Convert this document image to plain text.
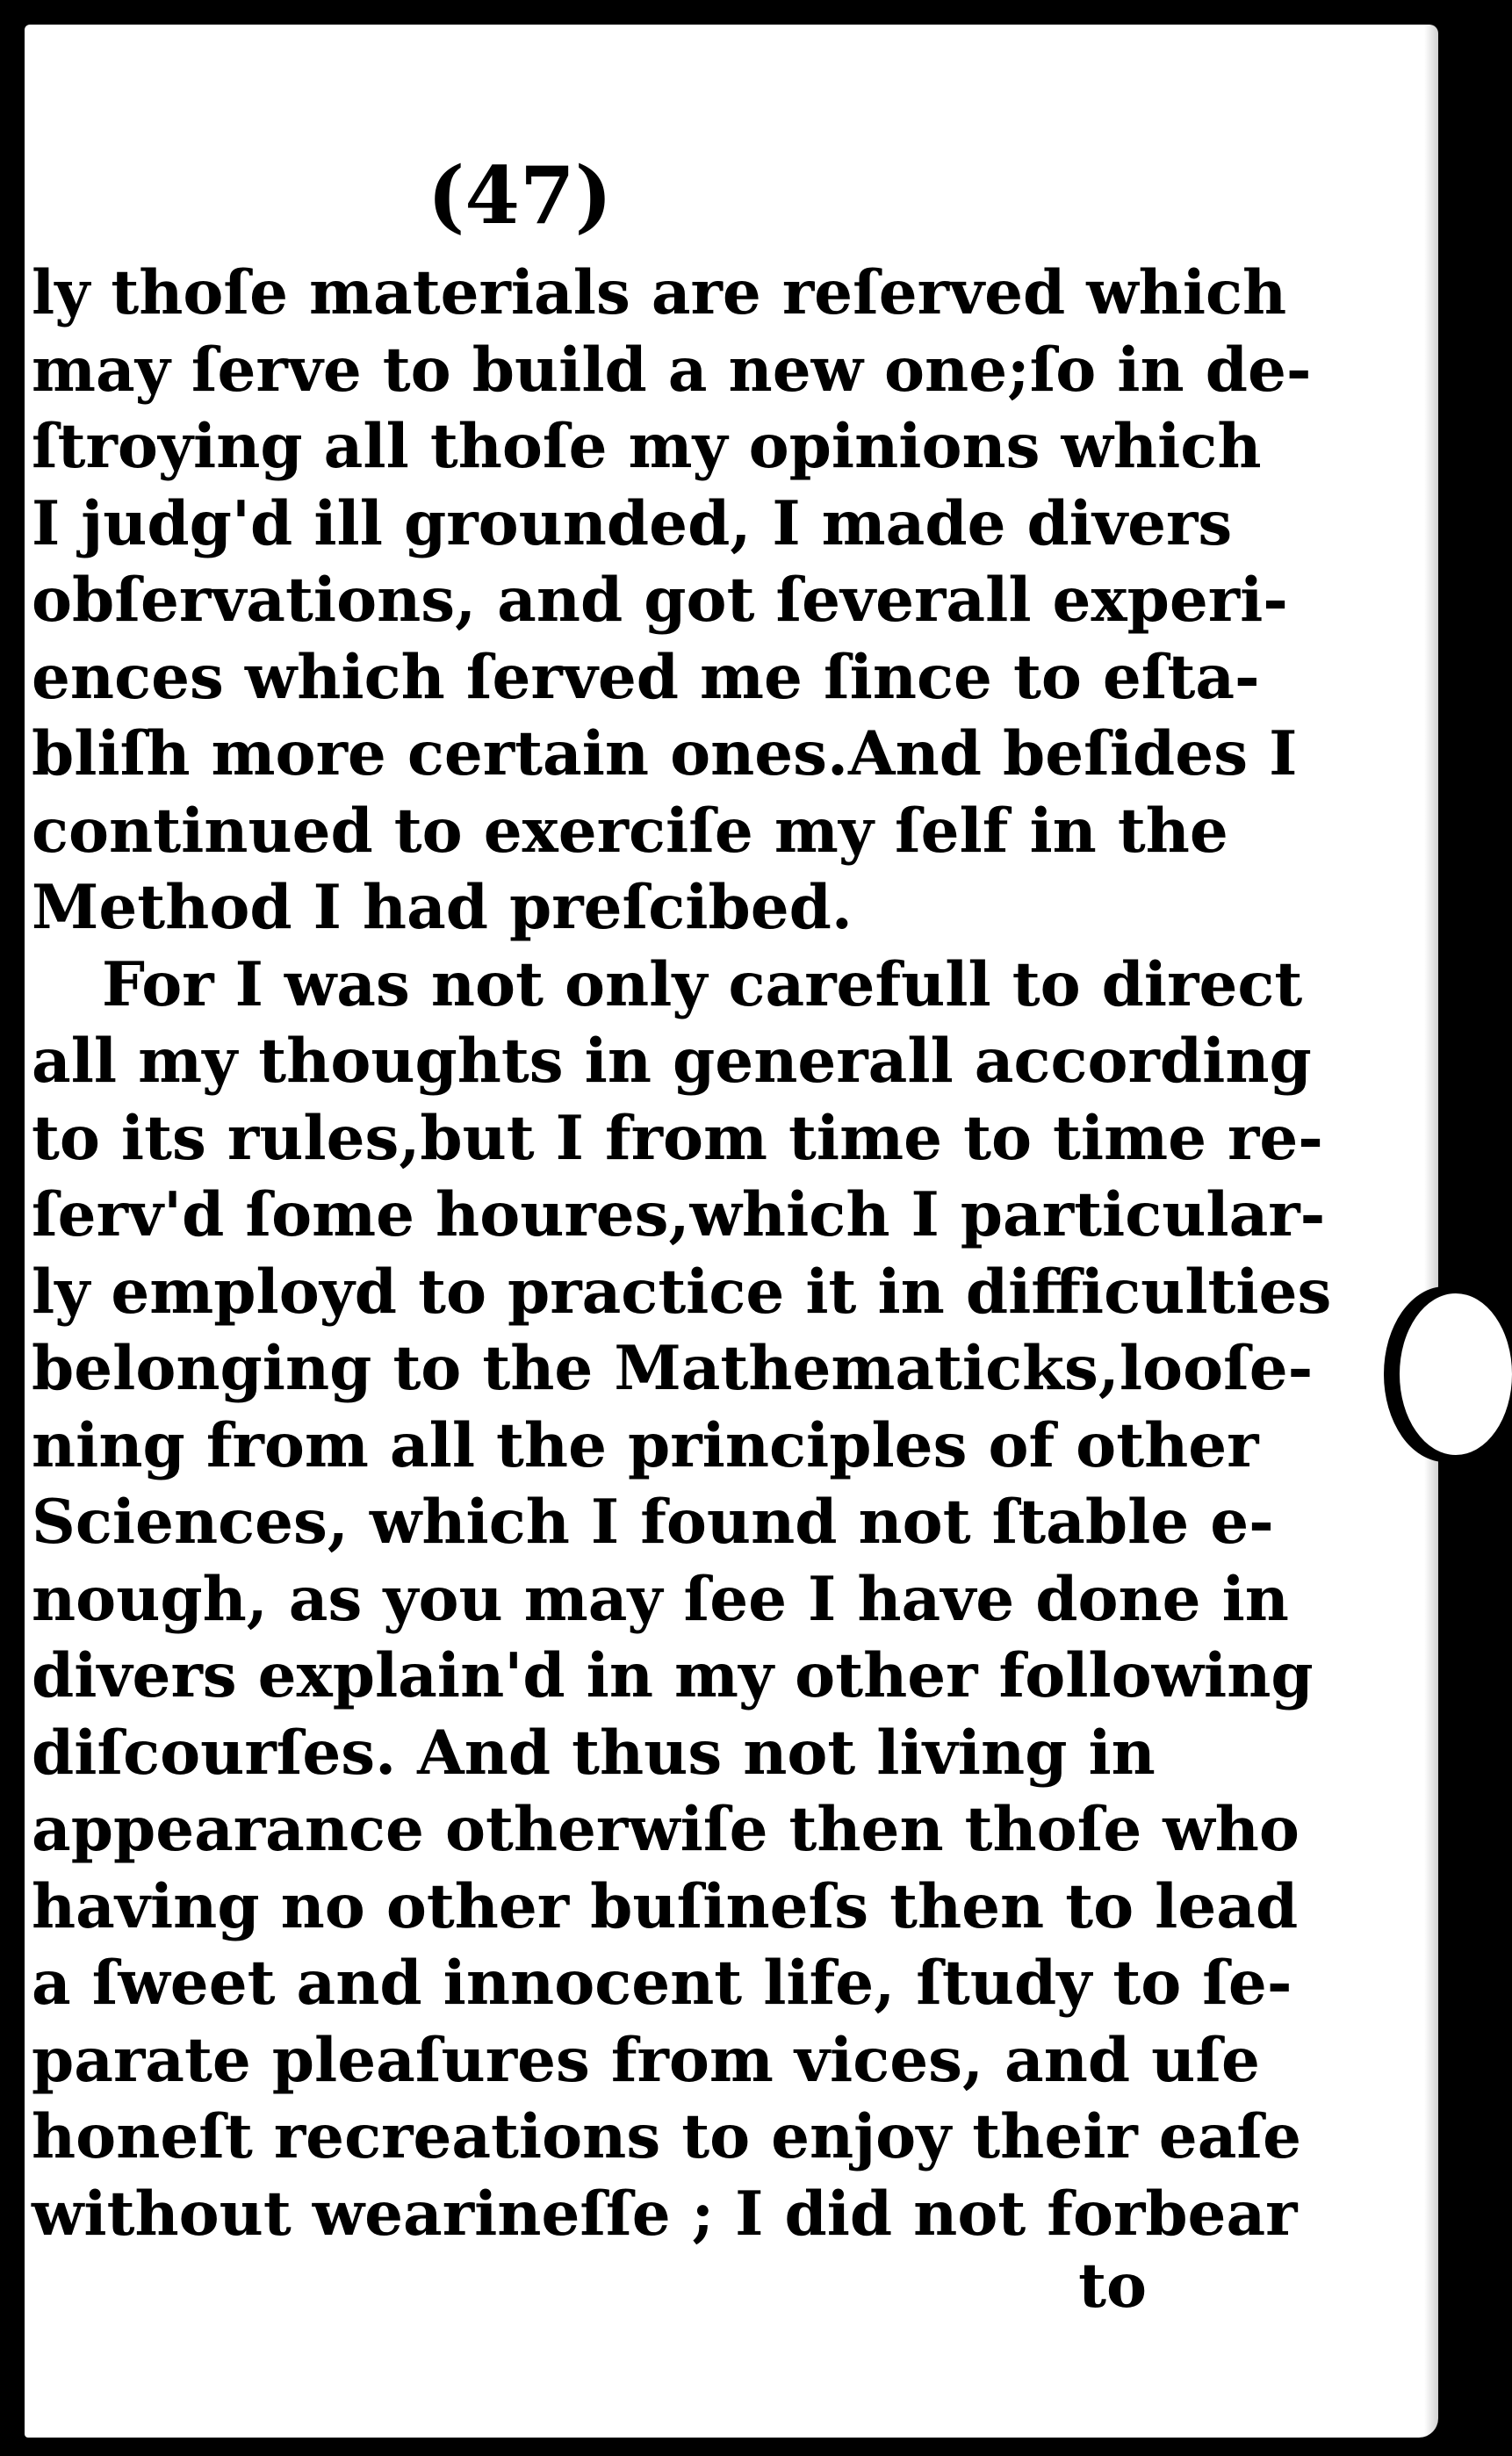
(47)
ly thoſe materials are reſerved which
may ſerve to build a new one;ſo in de-
ſtroying all thoſe my opinions which
I judg'd ill grounded, I made divers
obſervations, and got ſeverall experi-
ences which ſerved me ſince to eſta-
bliſh more certain ones.And beſides I
continued to exerciſe my ſelf in the
Method I had preſcibed.
For I was not only carefull to direct
all my thoughts in generall according
to its rules,but I from time to time re-
ſerv'd ſome houres,which I particular-
ly employd to practice it in difficulties
belonging to the Mathematicks,looſe-
ning from all the principles of other
Sciences, which I found not ſtable e-
nough, as you may ſee I have done in
divers explain'd in my other following
diſcourſes. And thus not living in
appearance otherwiſe then thoſe who
having no other buſineſs then to lead
a ſweet and innocent life, ſtudy to ſe-
parate pleaſures from vices, and uſe
honeſt recreations to enjoy their eaſe
without wearineſſe ; I did not forbear
to
